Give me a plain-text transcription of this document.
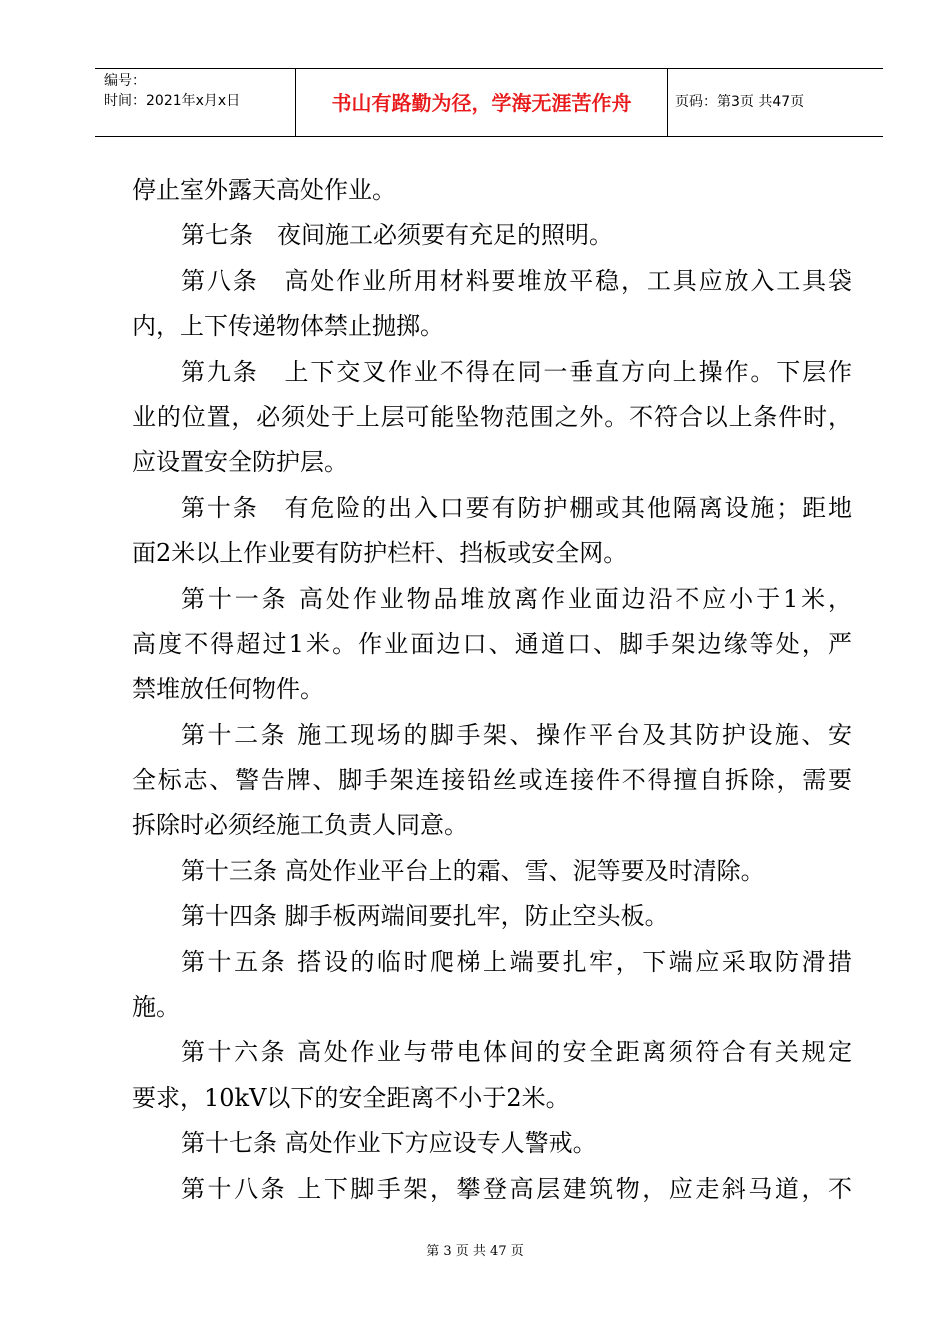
编号：
时间：2021年x月x日	书山有路勤为径，学海无涯苦作舟	页码：第3页 共47页
停止室外露天高处作业。
第七条　夜间施工必须要有充足的照明。
第八条　高处作业所用材料要堆放平稳，工具应放入工具袋
内，上下传递物体禁止抛掷。
第九条　上下交叉作业不得在同一垂直方向上操作。下层作
业的位置，必须处于上层可能坠物范围之外。不符合以上条件时，
应设置安全防护层。
第十条　有危险的出入口要有防护棚或其他隔离设施；距地
面2米以上作业要有防护栏杆、挡板或安全网。
第十一条 高处作业物品堆放离作业面边沿不应小于1米，
高度不得超过1米。作业面边口、通道口、脚手架边缘等处，严
禁堆放任何物件。
第十二条 施工现场的脚手架、操作平台及其防护设施、安
全标志、警告牌、脚手架连接铅丝或连接件不得擅自拆除，需要
拆除时必须经施工负责人同意。
第十三条 高处作业平台上的霜、雪、泥等要及时清除。
第十四条 脚手板两端间要扎牢，防止空头板。
第十五条 搭设的临时爬梯上端要扎牢，下端应采取防滑措
施。
第十六条 高处作业与带电体间的安全距离须符合有关规定
要求，10kV以下的安全距离不小于2米。
第十七条 高处作业下方应设专人警戒。
第十八条 上下脚手架，攀登高层建筑物，应走斜马道，不
第 3 页 共 47 页
